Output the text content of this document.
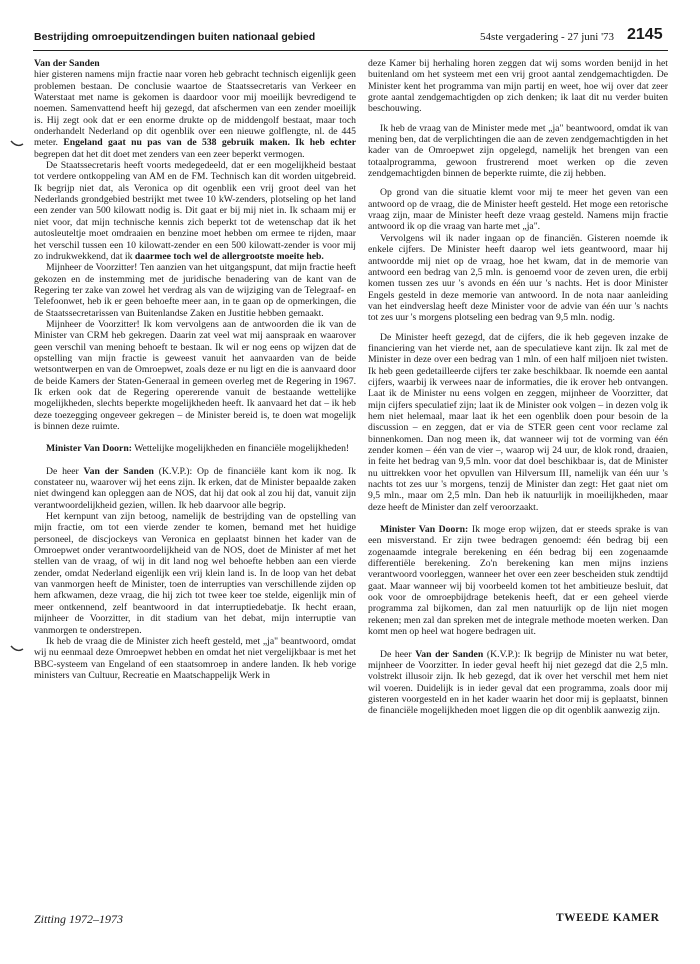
Bestrijding omroepuitzendingen buiten nationaal gebied	54ste vergadering - 27 juni '73 2145
Van der Sanden

hier gisteren namens mijn fractie naar voren heb gebracht technisch eigenlijk geen problemen bestaan. De conclusie waartoe de Staatssecretaris van Verkeer en Waterstaat met name is gekomen is daardoor voor mij moeilijk bevredigend te noemen. Samenvattend heeft hij gezegd, dat afschermen van een zender moeilijk is. Hij zegt ook dat er een enorme drukte op de middengolf bestaat, maar toch onderhandelt Nederland op dit ogenblik over een nieuwe golflengte, nl. de 445 meter. Engeland gaat nu pas van de 538 gebruik maken. Ik heb echter begrepen dat het dit doet met zenders van een zeer beperkt vermogen.

De Staatssecretaris heeft voorts medegedeeld, dat er een mogelijkheid bestaat tot verdere ontkoppeling van AM en de FM. Technisch kan dit worden uitgebreid. Ik begrijp niet dat, als Veronica op dit ogenblik een vrij groot deel van het Nederlands grondgebied bestrijkt met twee 10 kW-zenders, plotseling op het land een zender van 500 kilowatt nodig is. Dit gaat er bij mij niet in. Ik schaam mij er niet voor, dat mijn technische kennis zich beperkt tot de wetenschap dat ik het autosleuteltje moet omdraaien en benzine moet hebben om ermee te rijden, maar het verschil tussen een 10 kilowatt-zender en een 500 kilowatt-zender is voor mij zo indrukwekkend, dat ik daarmee toch wel de allergrootste moeite heb.

Mijnheer de Voorzitter! Ten aanzien van het uitgangspunt, dat mijn fractie heeft gekozen en de instemming met de juridische benadering van de kant van de Regering ter zake van zowel het verdrag als van de wijziging van de Telegraaf- en Telefoonwet, heb ik er geen behoefte meer aan, in te gaan op de opmerkingen, die de Staatssecretarissen van Buitenlandse Zaken en Justitie hebben gemaakt.

Mijnheer de Voorzitter! Ik kom vervolgens aan de antwoorden die ik van de Minister van CRM heb gekregen. Daarin zat veel wat mij aanspraak en waarover geen verschil van mening behoeft te bestaan. Ik wil er nog eens op wijzen dat de opstelling van mijn fractie is geweest vanuit het aanvaarden van de beide wetsontwerpen en van de Omroepwet, zoals deze er nu ligt en die is aanvaard door de beide Kamers der Staten-Generaal in gemeen overleg met de Regering in 1967. Ik erken ook dat de Regering opererende vanuit de bestaande wettelijke mogelijkheden, slechts beperkte mogelijkheden heeft. Ik aanvaard het dat – ik heb deze toezegging ongeveer gekregen – de Minister bereid is, te doen wat mogelijk is binnen deze ruimte.

Minister Van Doorn: Wettelijke mogelijkheden en financiële mogelijkheden!

De heer Van der Sanden (K.V.P.): Op de financiële kant kom ik nog. Ik constateer nu, waarover wij het eens zijn. Ik erken, dat de Minister bepaalde zaken niet dwingend kan opleggen aan de NOS, dat hij dat ook al zou hij dat, vanuit zijn verantwoordelijkheid gezien, willen. Ik heb daarvoor alle begrip.

Het kernpunt van zijn betoog, namelijk de bestrijding van de opstelling van mijn fractie, om tot een vierde zender te komen, bemand met het huidige personeel, de discjockeys van Veronica en geplaatst binnen het kader van de Omroepwet onder verantwoordelijkheid van de NOS, doet de Minister af met het stellen van de vraag, of wij in dit land nog wel behoefte hebben aan een vierde zender, omdat Nederland eigenlijk een vrij klein land is. In de loop van het debat van vanmorgen heeft de Minister, toen de interrupties van verschillende zijden op hem afkwamen, deze vraag, die hij zich tot twee keer toe stelde, eigenlijk min of meer ontkennend, zelf beantwoord in dat interruptiedebatje. Ik hecht eraan, mijnheer de Voorzitter, in dit stadium van het debat, mijn interruptie van vanmorgen te onderstrepen.

Ik heb de vraag die de Minister zich heeft gesteld, met „ja" beantwoord, omdat wij nu eenmaal deze Omroepwet hebben en omdat het niet vergelijkbaar is met het BBC-systeem van Engeland of een staatsomroep in andere landen. Ik heb vorige ministers van Cultuur, Recreatie en Maatschappelijk Werk in

deze Kamer bij herhaling horen zeggen dat wij soms worden benijd in het buitenland om het systeem met een vrij groot aantal zendgemachtigden. De Minister kent het programma van mijn partij en weet, hoe wij over dat zeer grote aantal zendgemachtigden op zich denken; ik laat dit nu verder buiten beschouwing.

Ik heb de vraag van de Minister mede met „ja" beantwoord, omdat ik van mening ben, dat de verplichtingen die aan de zeven zendgemachtigden in het kader van de Omroepwet zijn opgelegd, namelijk het brengen van een totaalprogramma, gewoon frustrerend moet werken op die zeven zendgemachtigden binnen de beperkte ruimte, die zij hebben.

Op grond van die situatie klemt voor mij te meer het geven van een antwoord op de vraag, die de Minister heeft gesteld. Het moge een retorische vraag zijn, maar de Minister heeft deze vraag gesteld. Namens mijn fractie antwoord ik op die vraag van harte met „ja".

Vervolgens wil ik nader ingaan op de financiën. Gisteren noemde ik enkele cijfers. De Minister heeft daarop wel iets geantwoord, maar hij antwoordde mij niet op de vraag, hoe het kwam, dat in de memorie van antwoord een bedrag van 2,5 mln. is genoemd voor de zeven uren, die erbij komen tussen zes uur 's avonds en één uur 's nachts. Het is door Minister Engels gesteld in deze memorie van antwoord. In de nota naar aanleiding van het eindverslag heeft deze Minister voor de advie van één uur 's nachts tot zes uur 's morgens plotseling een bedrag van 9,5 mln. nodig.

De Minister heeft gezegd, dat de cijfers, die ik heb gegeven inzake de financiering van het vierde net, aan de speculatieve kant zijn. Ik zal met de Minister in deze over een bedrag van 1 mln. of een half miljoen niet twisten. Ik heb geen gedetailleerde cijfers ter zake beschikbaar. Ik noemde een aantal cijfers, waarbij ik verwees naar de informaties, die ik erover heb ontvangen. Laat ik de Minister nu eens volgen en zeggen, mijnheer de Voorzitter, dat mijn cijfers speculatief zijn; laat ik de Minister ook volgen – in dezen volg ik hem niet helemaal, maar laat ik het een ogenblik doen pour besoin de la discussion – en zeggen, dat er via de STER geen cent voor reclame zal binnenkomen. Dan nog meen ik, dat wanneer wij tot de vorming van één zender komen – één van de vier –, waarop wij 24 uur, de klok rond, draaien, in feite het bedrag van 9,5 mln. voor dat doel beschikbaar is, dat de Minister nu uittrekken voor het opvullen van Hilversum III, namelijk van één uur 's nachts tot zes uur 's morgens, tenzij de Minister dan zegt: Het gaat niet om 9,5 mln., maar om 2,5 mln. Dan heb ik natuurlijk in moeilijkheden, maar deze heeft de Minister dan zelf veroorzaakt.

Minister Van Doorn: Ik moge erop wijzen, dat er steeds sprake is van een misverstand. Er zijn twee bedragen genoemd: één bedrag bij een zogenaamde integrale berekening en één bedrag bij een zogenaamde differentiële berekening. Zo'n berekening kan men mijns inziens verantwoord voorleggen, wanneer het over een zeer bescheiden stuk zendtijd gaat. Maar wanneer wij bij voorbeeld komen tot het ambitieuze besluit, dat ook voor de omroepbijdrage betekenis heeft, dat er een geheel vierde programma zal bijkomen, dan zal men natuurlijk op de lijn niet mogen rekenen; men zal dan spreken met de integrale methode moeten werken. Dan komt men op heel wat hogere bedragen uit.

De heer Van der Sanden (K.V.P.): Ik begrijp de Minister nu wat beter, mijnheer de Voorzitter. In ieder geval heeft hij niet gezegd dat die 2,5 mln. volstrekt illusoir zijn. Ik heb gezegd, dat ik over het verschil met hem niet wil voeren. Duidelijk is in ieder geval dat een programma, zoals door mij gisteren voorgesteld en in het kader waarin het door mij is geplaatst, binnen de financiële mogelijkheden moet liggen die op dit ogenblik aanwezig zijn.

Zitting 1972–1973	TWEEDE KAMER
